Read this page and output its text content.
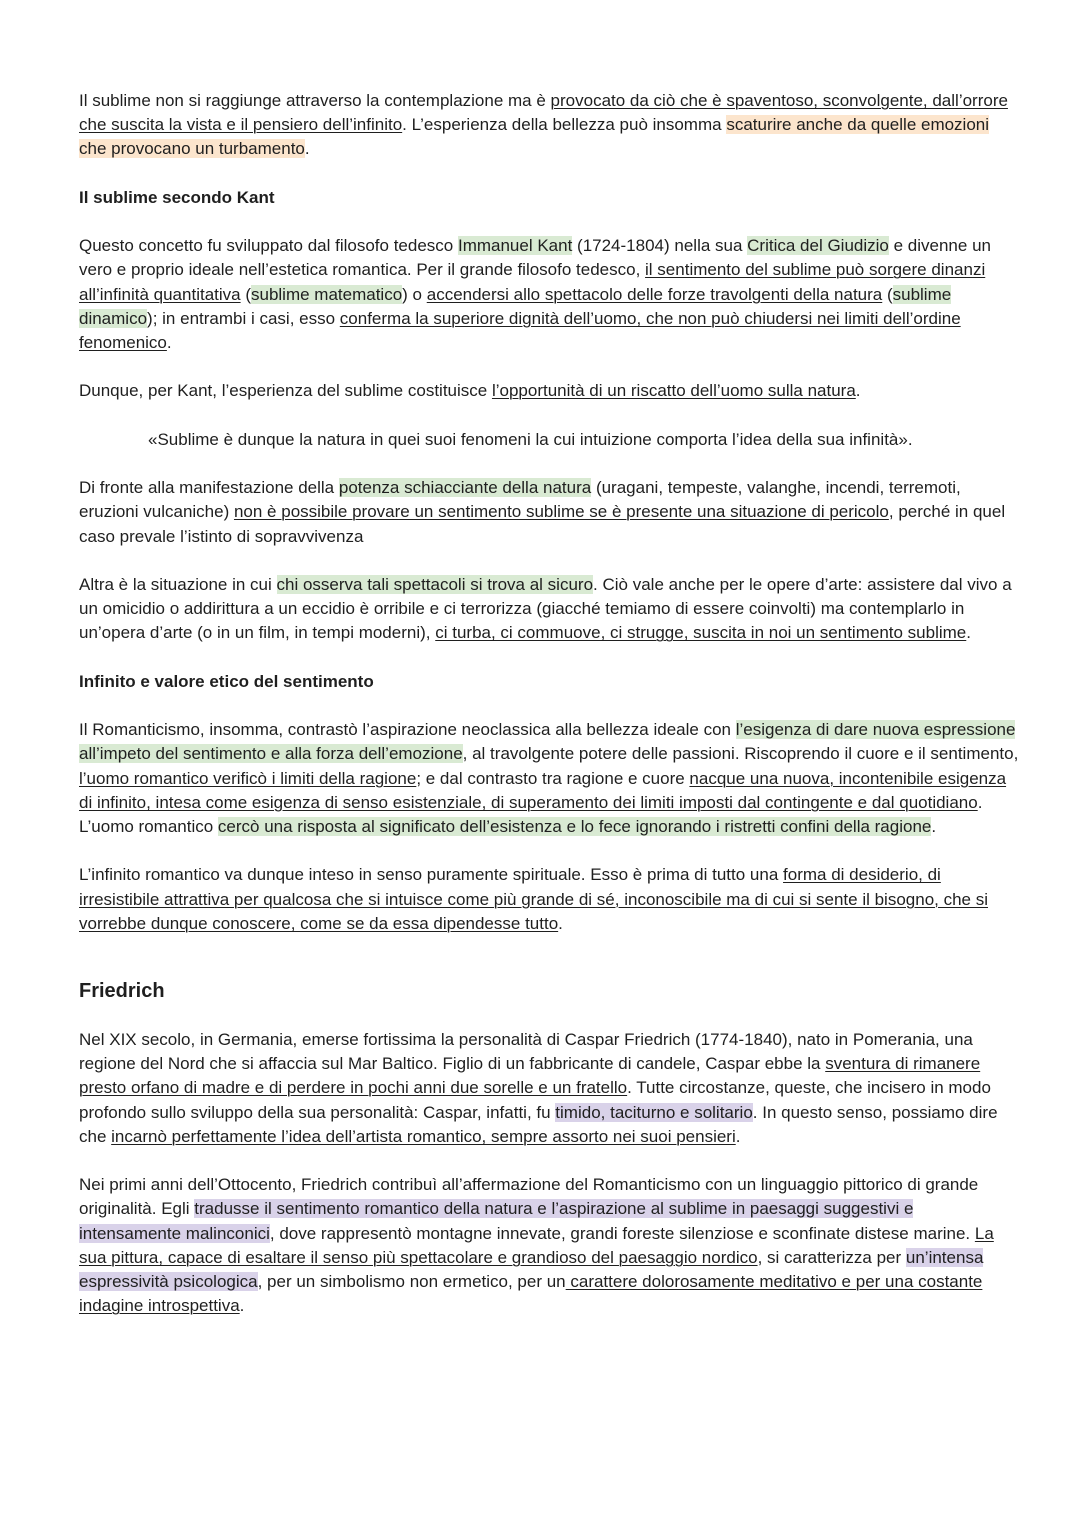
Il sublime non si raggiunge attraverso la contemplazione ma è provocato da ciò che è spaventoso, sconvolgente, dall’orrore che suscita la vista e il pensiero dell’infinito. L’esperienza della bellezza può insomma scaturire anche da quelle emozioni che provocano un turbamento.

Il sublime secondo Kant

Questo concetto fu sviluppato dal filosofo tedesco Immanuel Kant (1724-1804) nella sua Critica del Giudizio e divenne un vero e proprio ideale nell’estetica romantica. Per il grande filosofo tedesco, il sentimento del sublime può sorgere dinanzi all’infinità quantitativa (sublime matematico) o accendersi allo spettacolo delle forze travolgenti della natura (sublime dinamico); in entrambi i casi, esso conferma la superiore dignità dell’uomo, che non può chiudersi nei limiti dell’ordine fenomenico.

Dunque, per Kant, l’esperienza del sublime costituisce l’opportunità di un riscatto dell’uomo sulla natura.

«Sublime è dunque la natura in quei suoi fenomeni la cui intuizione comporta l’idea della sua infinità».

Di fronte alla manifestazione della potenza schiacciante della natura (uragani, tempeste, valanghe, incendi, terremoti, eruzioni vulcaniche) non è possibile provare un sentimento sublime se è presente una situazione di pericolo, perché in quel caso prevale l’istinto di sopravvivenza

Altra è la situazione in cui chi osserva tali spettacoli si trova al sicuro. Ciò vale anche per le opere d’arte: assistere dal vivo a un omicidio o addirittura a un eccidio è orribile e ci terrorizza (giacché temiamo di essere coinvolti) ma contemplarlo in un’opera d’arte (o in un film, in tempi moderni), ci turba, ci commuove, ci strugge, suscita in noi un sentimento sublime.

Infinito e valore etico del sentimento

Il Romanticismo, insomma, contrastò l’aspirazione neoclassica alla bellezza ideale con l’esigenza di dare nuova espressione all’impeto del sentimento e alla forza dell’emozione, al travolgente potere delle passioni. Riscoprendo il cuore e il sentimento, l’uomo romantico verificò i limiti della ragione; e dal contrasto tra ragione e cuore nacque una nuova, incontenibile esigenza di infinito, intesa come esigenza di senso esistenziale, di superamento dei limiti imposti dal contingente e dal quotidiano. L’uomo romantico cercò una risposta al significato dell’esistenza e lo fece ignorando i ristretti confini della ragione.

L’infinito romantico va dunque inteso in senso puramente spirituale. Esso è prima di tutto una forma di desiderio, di irresistibile attrattiva per qualcosa che si intuisce come più grande di sé, inconoscibile ma di cui si sente il bisogno, che si vorrebbe dunque conoscere, come se da essa dipendesse tutto.

Friedrich

Nel XIX secolo, in Germania, emerse fortissima la personalità di Caspar Friedrich (1774-1840), nato in Pomerania, una regione del Nord che si affaccia sul Mar Baltico. Figlio di un fabbricante di candele, Caspar ebbe la sventura di rimanere presto orfano di madre e di perdere in pochi anni due sorelle e un fratello. Tutte circostanze, queste, che incisero in modo profondo sullo sviluppo della sua personalità: Caspar, infatti, fu timido, taciturno e solitario. In questo senso, possiamo dire che incarnò perfettamente l’idea dell’artista romantico, sempre assorto nei suoi pensieri.

Nei primi anni dell’Ottocento, Friedrich contribuì all’affermazione del Romanticismo con un linguaggio pittorico di grande originalità. Egli tradusse il sentimento romantico della natura e l’aspirazione al sublime in paesaggi suggestivi e intensamente malinconici, dove rappresentò montagne innevate, grandi foreste silenziose e sconfinate distese marine. La sua pittura, capace di esaltare il senso più spettacolare e grandioso del paesaggio nordico, si caratterizza per un’intensa espressività psicologica, per un simbolismo non ermetico, per un carattere dolorosamente meditativo e per una costante indagine introspettiva.
